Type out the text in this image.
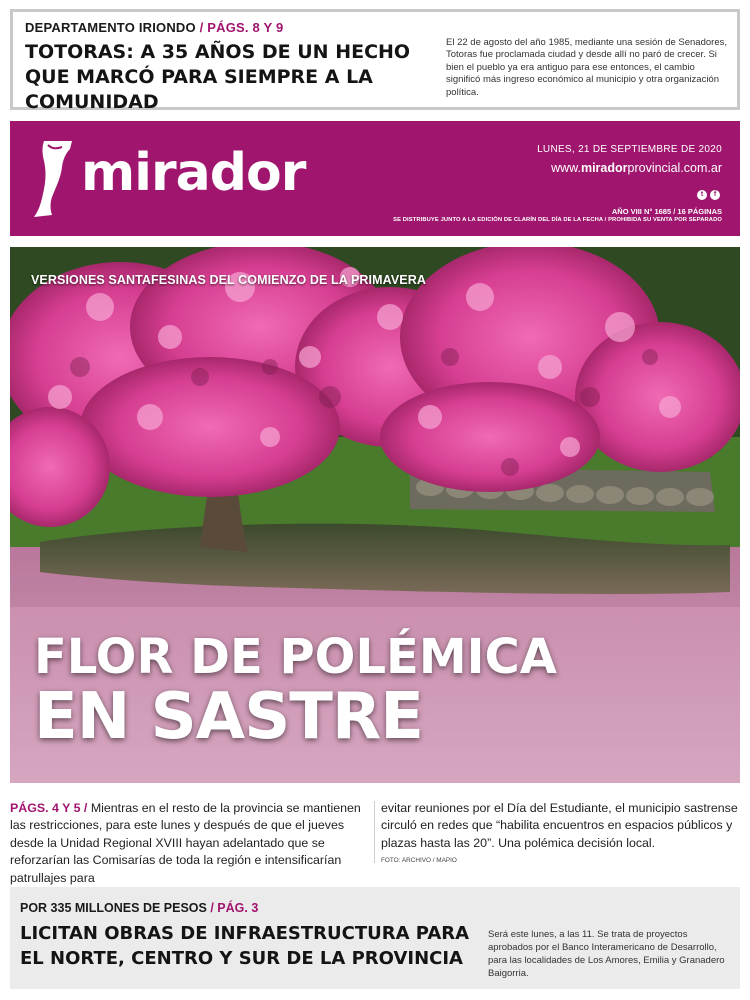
DEPARTAMENTO IRIONDO / PÁGS. 8 Y 9
TOTORAS: A 35 AÑOS DE UN HECHO QUE MARCÓ PARA SIEMPRE A LA COMUNIDAD

El 22 de agosto del año 1985, mediante una sesión de Senadores, Totoras fue proclamada ciudad y desde allí no paró de crecer. Si bien el pueblo ya era antiguo para ese entonces, el cambio significó más ingreso económico al municipio y otra organización política.

mirador	LUNES, 21 DE SEPTIEMBRE DE 2020
www.miradorprovincial.com.ar
t	f
AÑO VIII N° 1685 / 16 PÁGINAS
SE DISTRIBUYE JUNTO A LA EDICIÓN DE CLARÍN DEL DÍA DE LA FECHA / PROHIBIDA SU VENTA POR SEPARADO
VERSIONES SANTAFESINAS DEL COMIENZO DE LA PRIMAVERA
FLOR DE POLÉMICA
EN SASTRE

PÁGS. 4 Y 5 / Mientras en el resto de la provincia se mantienen las restricciones, para este lunes y después de que el jueves desde la Unidad Regional XVIII hayan adelantado que se reforzarían las Comisarías de toda la región e intensificarían patrullajes para

evitar reuniones por el Día del Estudiante, el municipio sastrense circuló en redes que “habilita encuentros en espacios públicos y plazas hasta las 20”. Una polémica decisión local.

FOTO: ARCHIVO / MAPIO
POR 335 MILLONES DE PESOS / PÁG. 3
LICITAN OBRAS DE INFRAESTRUCTURA PARA EL NORTE, CENTRO Y SUR DE LA PROVINCIA

Será este lunes, a las 11. Se trata de proyectos aprobados por el Banco Interamericano de Desarrollo, para las localidades de Los Amores, Emilia y Granadero Baigorria.
